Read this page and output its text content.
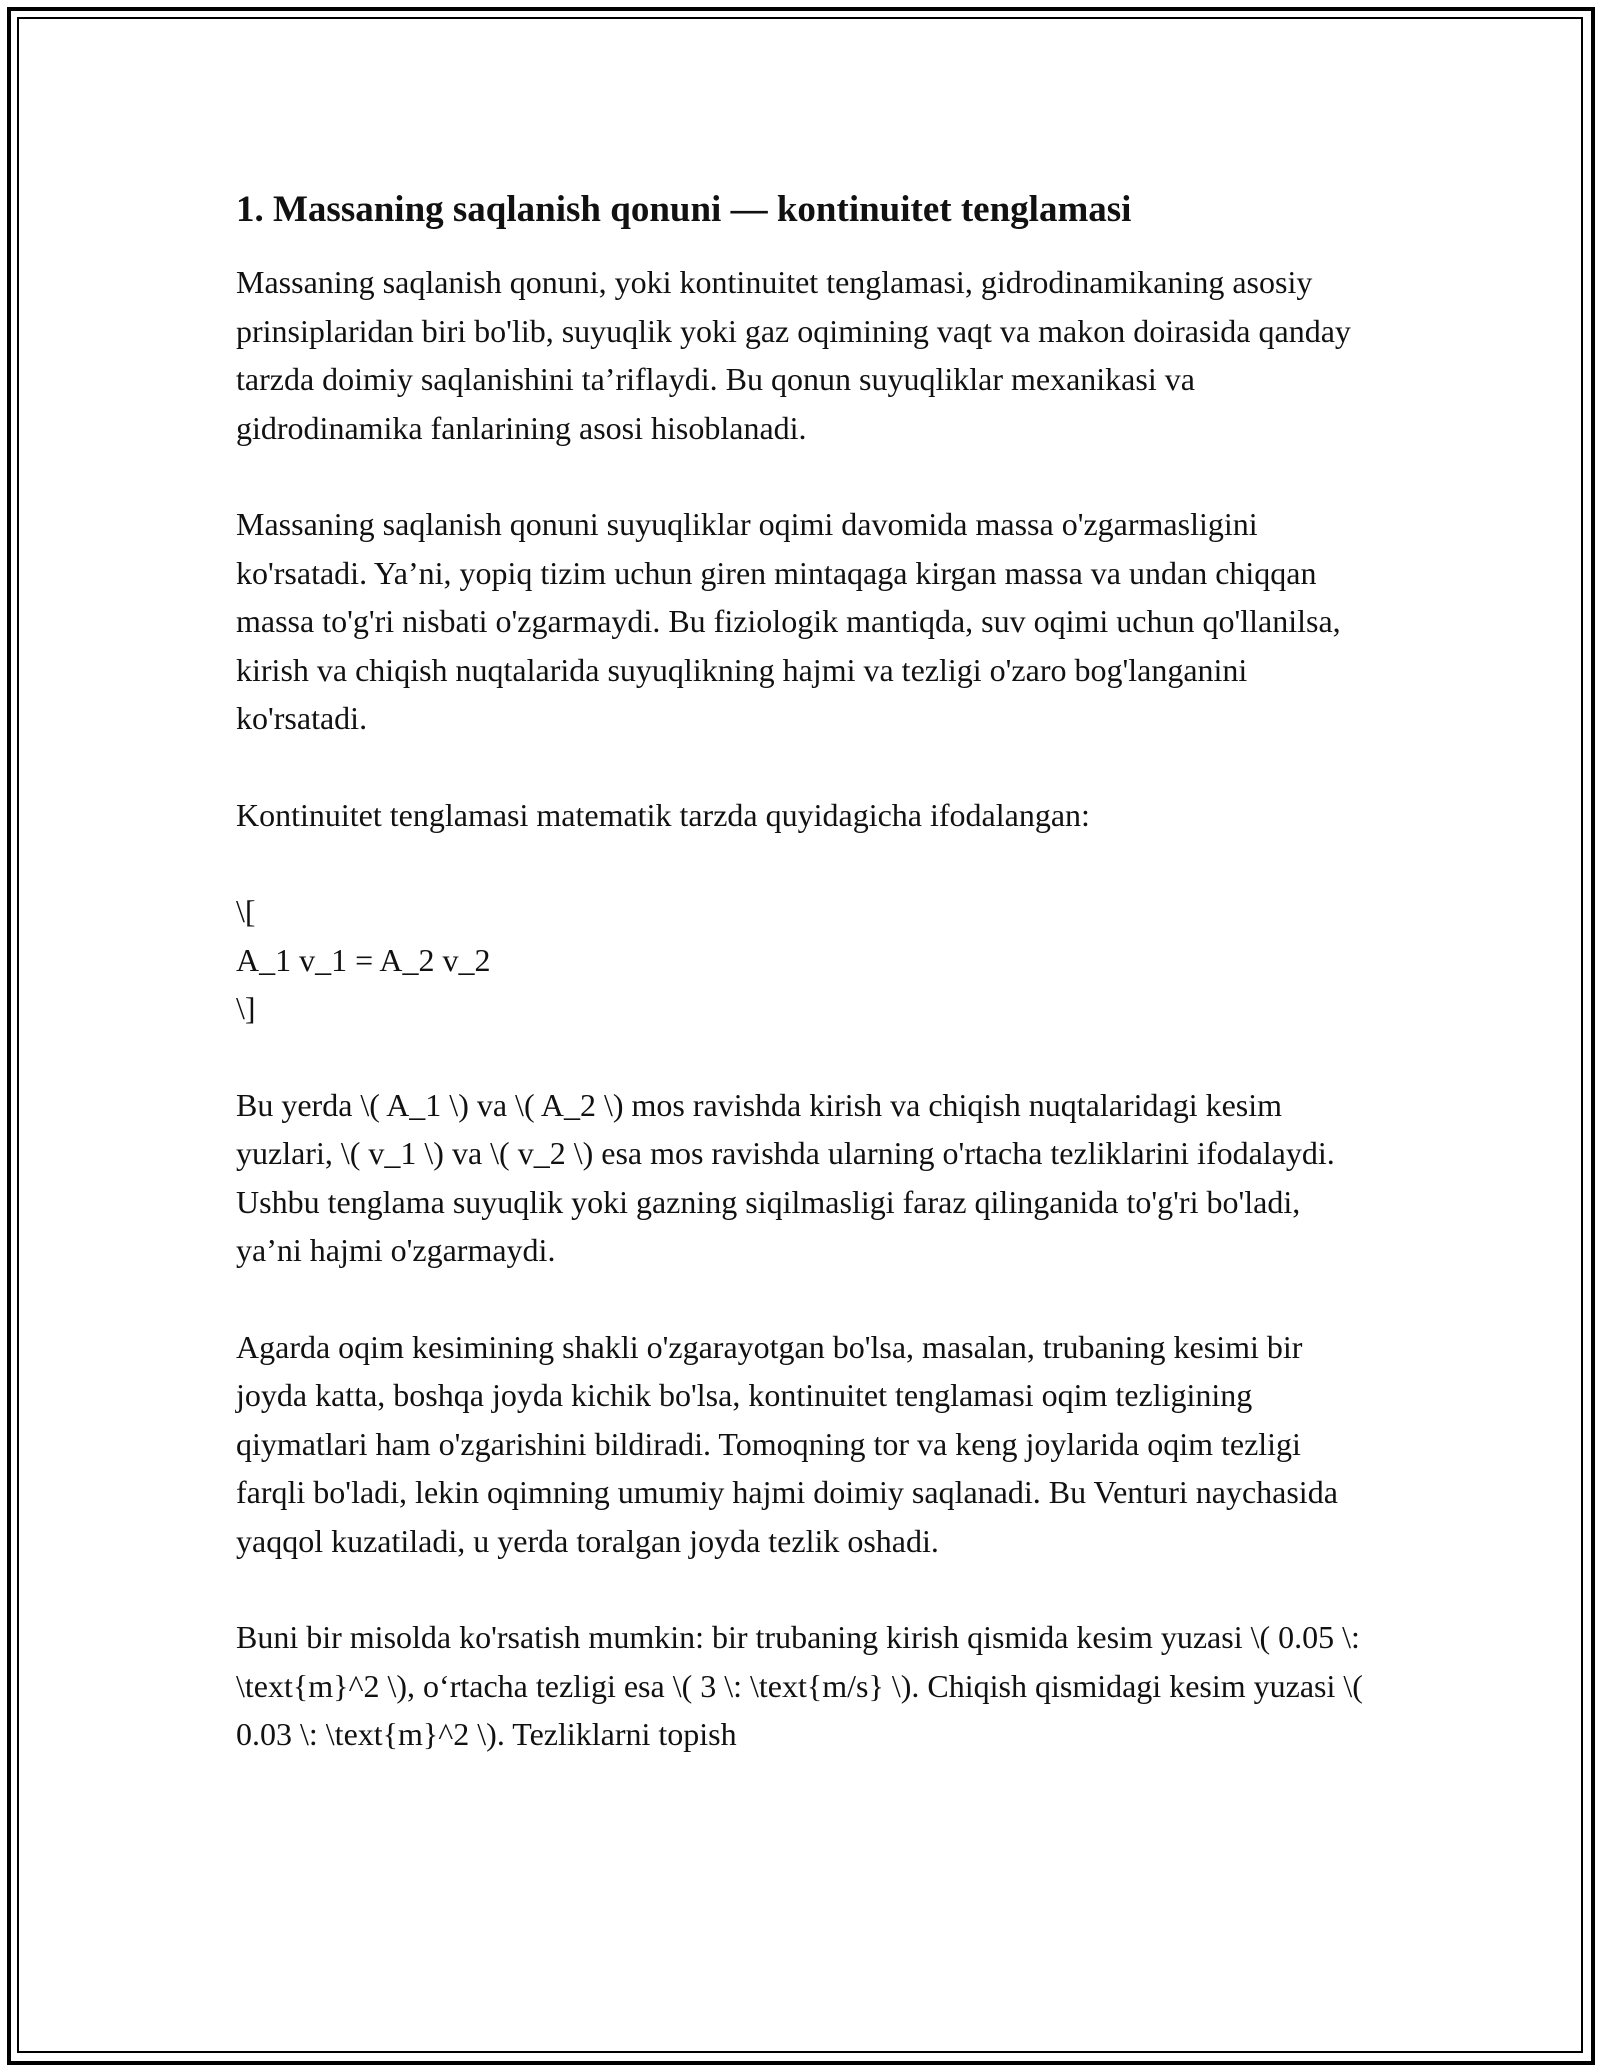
1. Massaning saqlanish qonuni — kontinuitet tenglamasi

Massaning saqlanish qonuni, yoki kontinuitet tenglamasi, gidrodinamikaning asosiy prinsiplaridan biri bo'lib, suyuqlik yoki gaz oqimining vaqt va makon doirasida qanday tarzda doimiy saqlanishini ta’riflaydi. Bu qonun suyuqliklar mexanikasi va gidrodinamika fanlarining asosi hisoblanadi.

Massaning saqlanish qonuni suyuqliklar oqimi davomida massa o'zgarmasligini ko'rsatadi. Ya’ni, yopiq tizim uchun giren mintaqaga kirgan massa va undan chiqqan massa to'g'ri nisbati o'zgarmaydi. Bu fiziologik mantiqda, suv oqimi uchun qo'llanilsa, kirish va chiqish nuqtalarida suyuqlikning hajmi va tezligi o'zaro bog'langanini ko'rsatadi.

Kontinuitet tenglamasi matematik tarzda quyidagicha ifodalangan:

\[
A_1 v_1 = A_2 v_2
\]

Bu yerda \( A_1 \) va \( A_2 \) mos ravishda kirish va chiqish nuqtalaridagi kesim yuzlari, \( v_1 \) va \( v_2 \) esa mos ravishda ularning o'rtacha tezliklarini ifodalaydi. Ushbu tenglama suyuqlik yoki gazning siqilmasligi faraz qilinganida to'g'ri bo'ladi, ya’ni hajmi o'zgarmaydi.

Agarda oqim kesimining shakli o'zgarayotgan bo'lsa, masalan, trubaning kesimi bir joyda katta, boshqa joyda kichik bo'lsa, kontinuitet tenglamasi oqim tezligining qiymatlari ham o'zgarishini bildiradi. Tomoqning tor va keng joylarida oqim tezligi farqli bo'ladi, lekin oqimning umumiy hajmi doimiy saqlanadi. Bu Venturi naychasida yaqqol kuzatiladi, u yerda toralgan joyda tezlik oshadi.

Buni bir misolda ko'rsatish mumkin: bir trubaning kirish qismida kesim yuzasi \( 0.05 \: \text{m}^2 \), o‘rtacha tezligi esa \( 3 \: \text{m/s} \). Chiqish qismidagi kesim yuzasi \( 0.03 \: \text{m}^2 \). Tezliklarni topish
